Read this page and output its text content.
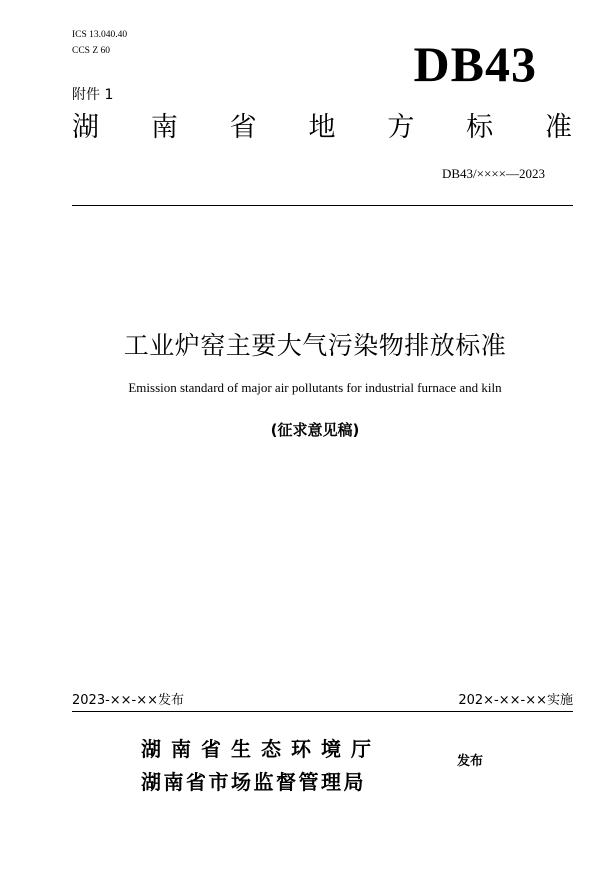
ICS 13.040.40
CCS Z 60	DB43
附件 1
湖 南 省 地 方 标 准
DB43/××××—2023
工业炉窑主要大气污染物排放标准
Emission standard of major air pollutants for industrial furnace and kiln
(征求意见稿)
2023-××-××发布	202×-××-××实施
湖南省生态环境厅
湖南省市场监督管理局
发布
